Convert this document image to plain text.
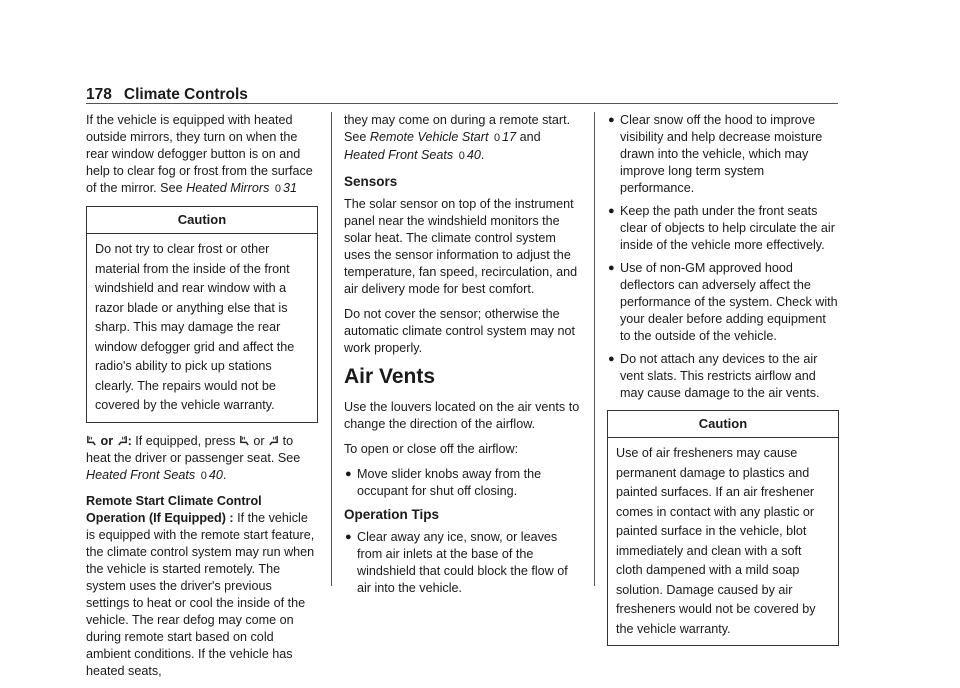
178 Climate Controls

If the vehicle is equipped with heated outside mirrors, they turn on when the rear window defogger button is on and help to clear fog or frost from the surface of the mirror. See Heated Mirrors 0 31

Caution
Do not try to clear frost or other material from the inside of the front windshield and rear window with a razor blade or anything else that is sharp. This may damage the rear window defogger grid and affect the radio's ability to pick up stations clearly. The repairs would not be covered by the vehicle warranty.

or : If equipped, press or to heat the driver or passenger seat. See Heated Front Seats 0 40.

Remote Start Climate Control Operation (If Equipped) : If the vehicle is equipped with the remote start feature, the climate control system may run when the vehicle is started remotely. The system uses the driver's previous settings to heat or cool the inside of the vehicle. The rear defog may come on during remote start based on cold ambient conditions. If the vehicle has heated seats,

they may come on during a remote start. See Remote Vehicle Start 0 17 and
Heated Front Seats 0 40.

Sensors

The solar sensor on top of the instrument panel near the windshield monitors the solar heat. The climate control system uses the sensor information to adjust the temperature, fan speed, recirculation, and air delivery mode for best comfort.

Do not cover the sensor; otherwise the automatic climate control system may not work properly.

Air Vents

Use the louvers located on the air vents to change the direction of the airflow.

To open or close off the airflow:

● Move slider knobs away from the occupant for shut off closing.
Operation Tips
● Clear away any ice, snow, or leaves from air inlets at the base of the windshield that could block the flow of air into the vehicle.
● Clear snow off the hood to improve visibility and help decrease moisture drawn into the vehicle, which may improve long term system performance.
● Keep the path under the front seats clear of objects to help circulate the air inside of the vehicle more effectively.
● Use of non-GM approved hood deflectors can adversely affect the performance of the system. Check with your dealer before adding equipment to the outside of the vehicle.
● Do not attach any devices to the air vent slats. This restricts airflow and may cause damage to the air vents.
Caution
Use of air fresheners may cause permanent damage to plastics and painted surfaces. If an air freshener comes in contact with any plastic or painted surface in the vehicle, blot immediately and clean with a soft cloth dampened with a mild soap solution. Damage caused by air fresheners would not be covered by the vehicle warranty.
